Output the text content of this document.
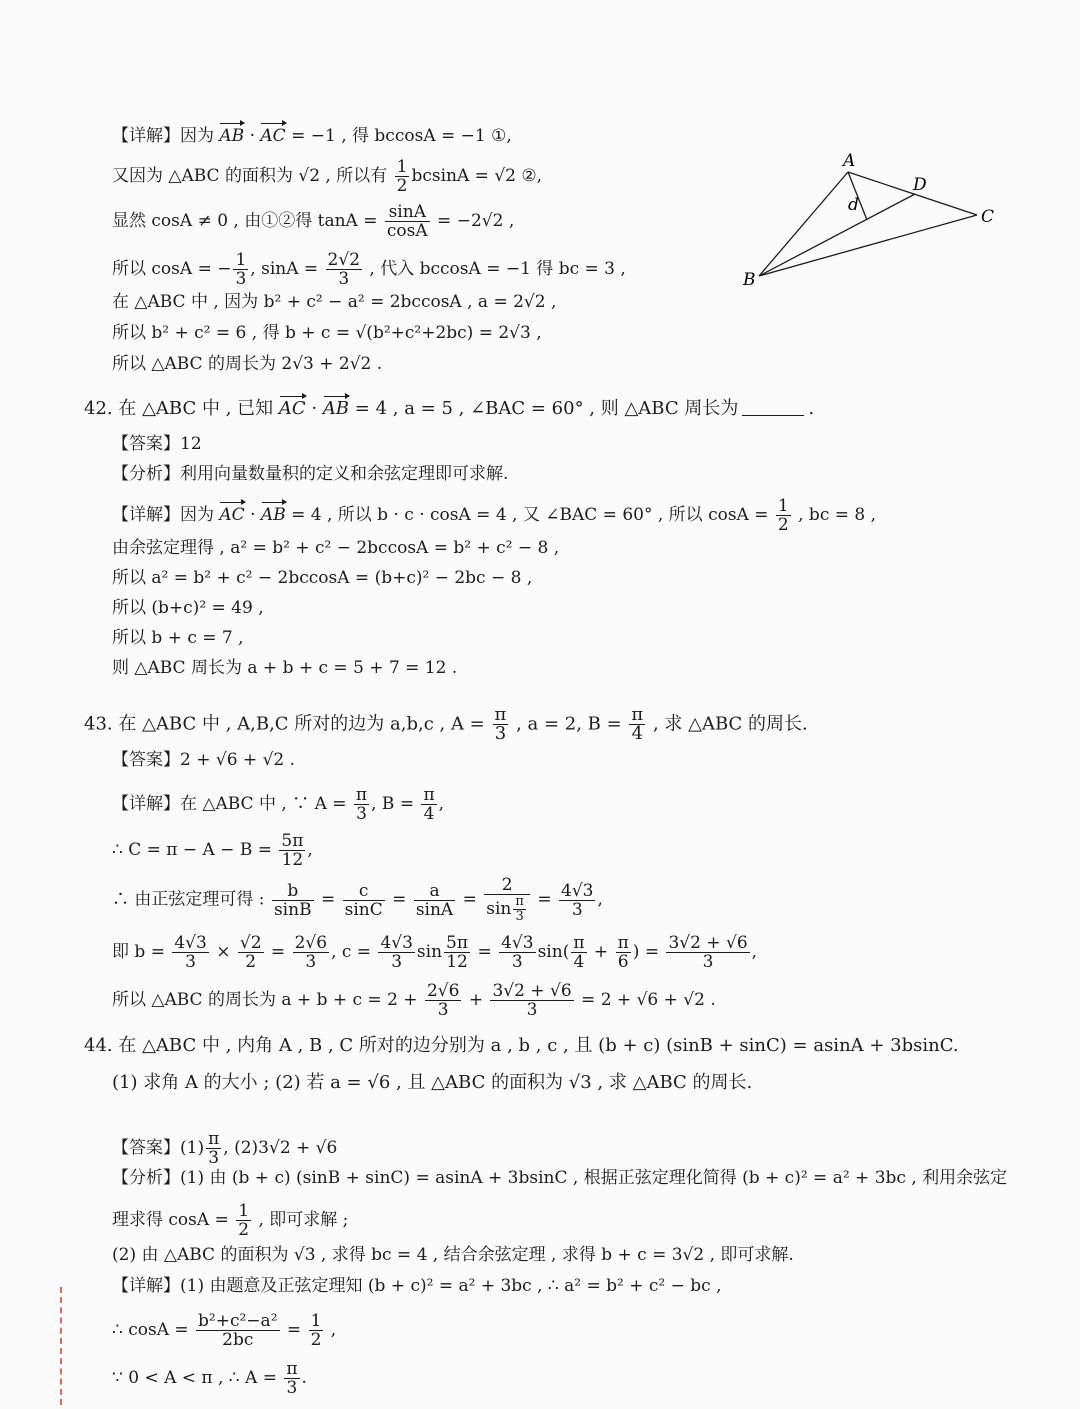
【详解】因为 AB · AC = −1 , 得 bccosA = −1 ①,
又因为 △ABC 的面积为 √2 , 所以有 $\frac{1}{2}$ bcsinA = √2 ②,
显然 cosA ≠ 0 , 由①②得 $\tan A = \frac{\sin A}{\cos A} = -2√2$ ,
所以 cosA = − $\frac{1}{3}$ , $\sin A = \frac{2√2}{3}$ , 代入 bccosA = −1 得 bc = 3 ,
在 △ABC 中 , 因为 b² + c² − a² = 2bccosA , a = 2√2 ,
所以 b² + c² = 6 , 得 b + c = √(b²+c²+2bc) = 2√3 ,
所以 △ABC 的周长为 2√3 + 2√2 .
A
B
C
D
d
42. 在 △ABC 中 , 已知 AC · AB = 4 , a = 5 , ∠BAC = 60° , 则 △ABC 周长为	.
【答案】12
【分析】利用向量数量积的定义和余弦定理即可求解.
【详解】因为 AC · AB = 4 , 所以 b · c · cosA = 4 , 又 ∠BAC = 60° , 所以 $\cos A = \frac{1}{2}$ , bc = 8 ,
由余弦定理得 , a² = b² + c² − 2bccosA = b² + c² − 8 ,
所以 a² = b² + c² − 2bccosA = (b+c)² − 2bc − 8 ,
所以 (b+c)² = 49 ,
所以 b + c = 7 ,
则 △ABC 周长为 a + b + c = 5 + 7 = 12 .
43. 在 △ABC 中 , A,B,C 所对的边为 a,b,c , $A = \frac{\pi}{3}$ , a = 2, $B = \frac{\pi}{4}$ , 求 △ABC 的周长.
【答案】2 + √6 + √2 .
【详解】在 △ABC 中 , ∵ $A = \frac{\pi}{3}$ , $B = \frac{\pi}{4}$ ,
∴ $C = \pi - A - B = \frac{5\pi}{12}$ ,
∴ 由正弦定理可得 : $\frac{b}{\sin B} = \frac{c}{\sin C} = \frac{a}{\sin A} = \frac{2}{\sin \frac{\pi}{3}} = \frac{4√3}{3}$ ,
即 $b = \frac{4√3}{3} \times \frac{√2}{2} = \frac{2√6}{3}$ , $c = \frac{4√3}{3}$ $\sin \frac{5\pi}{12} = \frac{4√3}{3} \sin( \frac{\pi}{4} + \frac{\pi}{6}$ ) = $\frac{3√2 + √6}{3}$ ,
所以 △ABC 的周长为 $a + b + c = 2 + \frac{2√6}{3} + \frac{3√2 + √6}{3} = 2 + √6 + √2$ .
44. 在 △ABC 中 , 内角 A , B , C 所对的边分别为 a , b , c , 且 (b + c) (sinB + sinC) = asinA + 3bsinC.
(1) 求角 A 的大小 ; (2) 若 a = √6 , 且 △ABC 的面积为 √3 , 求 △ABC 的周长.
【答案】$(1) \frac{\pi}{3}$ , (2)3√2 + √6
【分析】(1) 由 (b + c) (sinB + sinC) = asinA + 3bsinC , 根据正弦定理化简得 (b + c)² = a² + 3bc , 利用余弦定
理求得 $\cos A = \frac{1}{2}$ , 即可求解 ;
(2) 由 △ABC 的面积为 √3 , 求得 bc = 4 , 结合余弦定理 , 求得 b + c = 3√2 , 即可求解.
【详解】(1) 由题意及正弦定理知 (b + c)² = a² + 3bc , ∴ a² = b² + c² − bc ,
∴ $\cos A = \frac{\text{b²+c²−a²}}{2bc} = \frac{1}{2}$ ,
∵ 0 < A < π , ∴ $A = \frac{\pi}{3}$ .
